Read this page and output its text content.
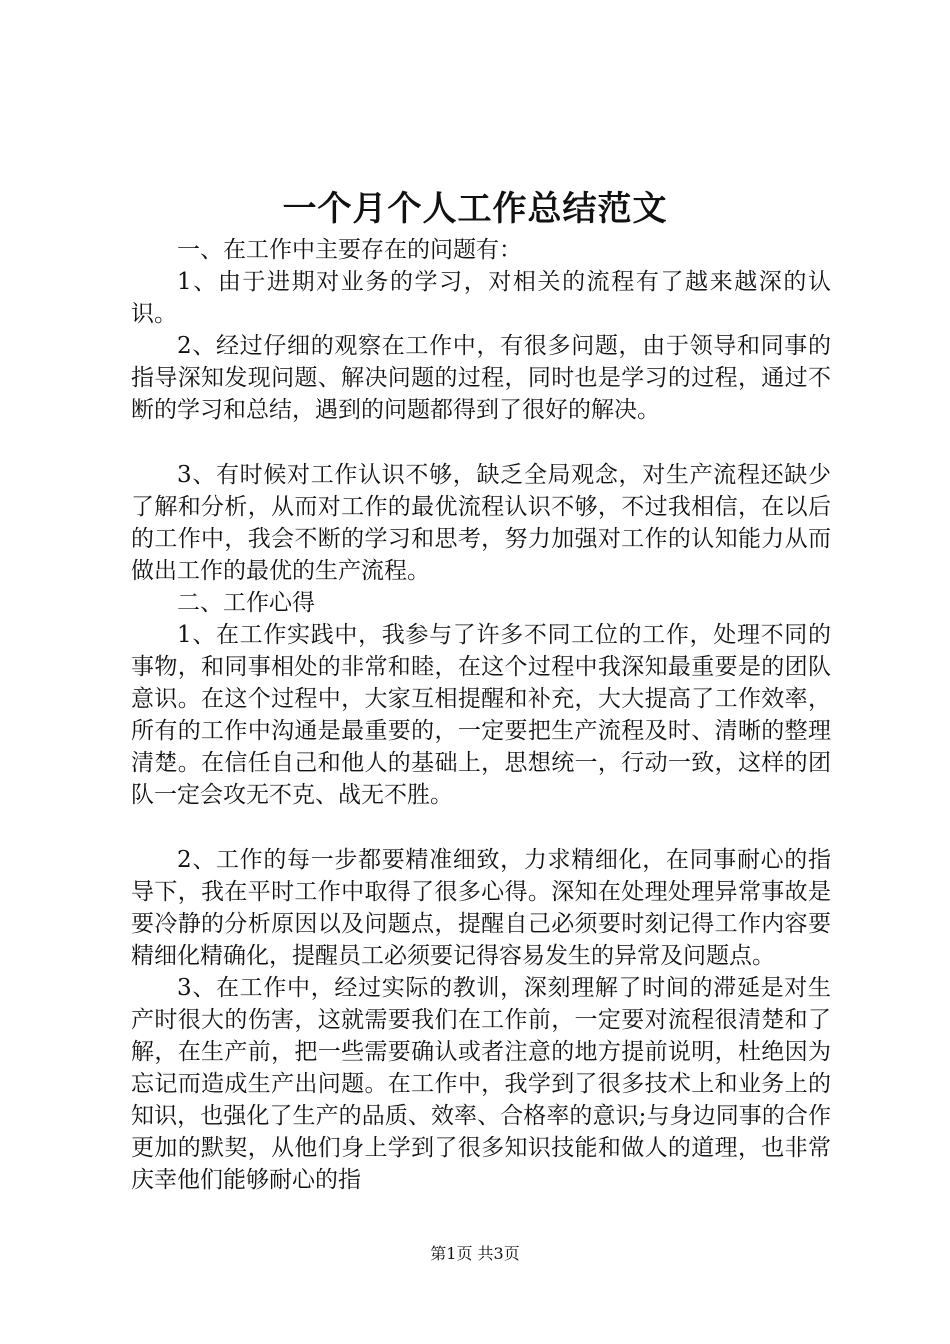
一个月个人工作总结范文

一、在工作中主要存在的问题有：

1、由于进期对业务的学习，对相关的流程有了越来越深的认识。

2、经过仔细的观察在工作中，有很多问题，由于领导和同事的指导深知发现问题、解决问题的过程，同时也是学习的过程，通过不断的学习和总结，遇到的问题都得到了很好的解决。

3、有时候对工作认识不够，缺乏全局观念，对生产流程还缺少了解和分析，从而对工作的最优流程认识不够，不过我相信，在以后的工作中，我会不断的学习和思考，努力加强对工作的认知能力从而做出工作的最优的生产流程。

二、工作心得

1、在工作实践中，我参与了许多不同工位的工作，处理不同的事物，和同事相处的非常和睦，在这个过程中我深知最重要是的团队意识。在这个过程中，大家互相提醒和补充，大大提高了工作效率，所有的工作中沟通是最重要的，一定要把生产流程及时、清晰的整理清楚。在信任自己和他人的基础上，思想统一，行动一致，这样的团队一定会攻无不克、战无不胜。

2、工作的每一步都要精准细致，力求精细化，在同事耐心的指导下，我在平时工作中取得了很多心得。深知在处理处理异常事故是要冷静的分析原因以及问题点，提醒自己必须要时刻记得工作内容要精细化精确化，提醒员工必须要记得容易发生的异常及问题点。

3、在工作中，经过实际的教训，深刻理解了时间的滞延是对生产时很大的伤害，这就需要我们在工作前，一定要对流程很清楚和了解，在生产前，把一些需要确认或者注意的地方提前说明，杜绝因为忘记而造成生产出问题。在工作中，我学到了很多技术上和业务上的知识，也强化了生产的品质、效率、合格率的意识;与身边同事的合作更加的默契，从他们身上学到了很多知识技能和做人的道理，也非常庆幸他们能够耐心的指

第1页 共3页
